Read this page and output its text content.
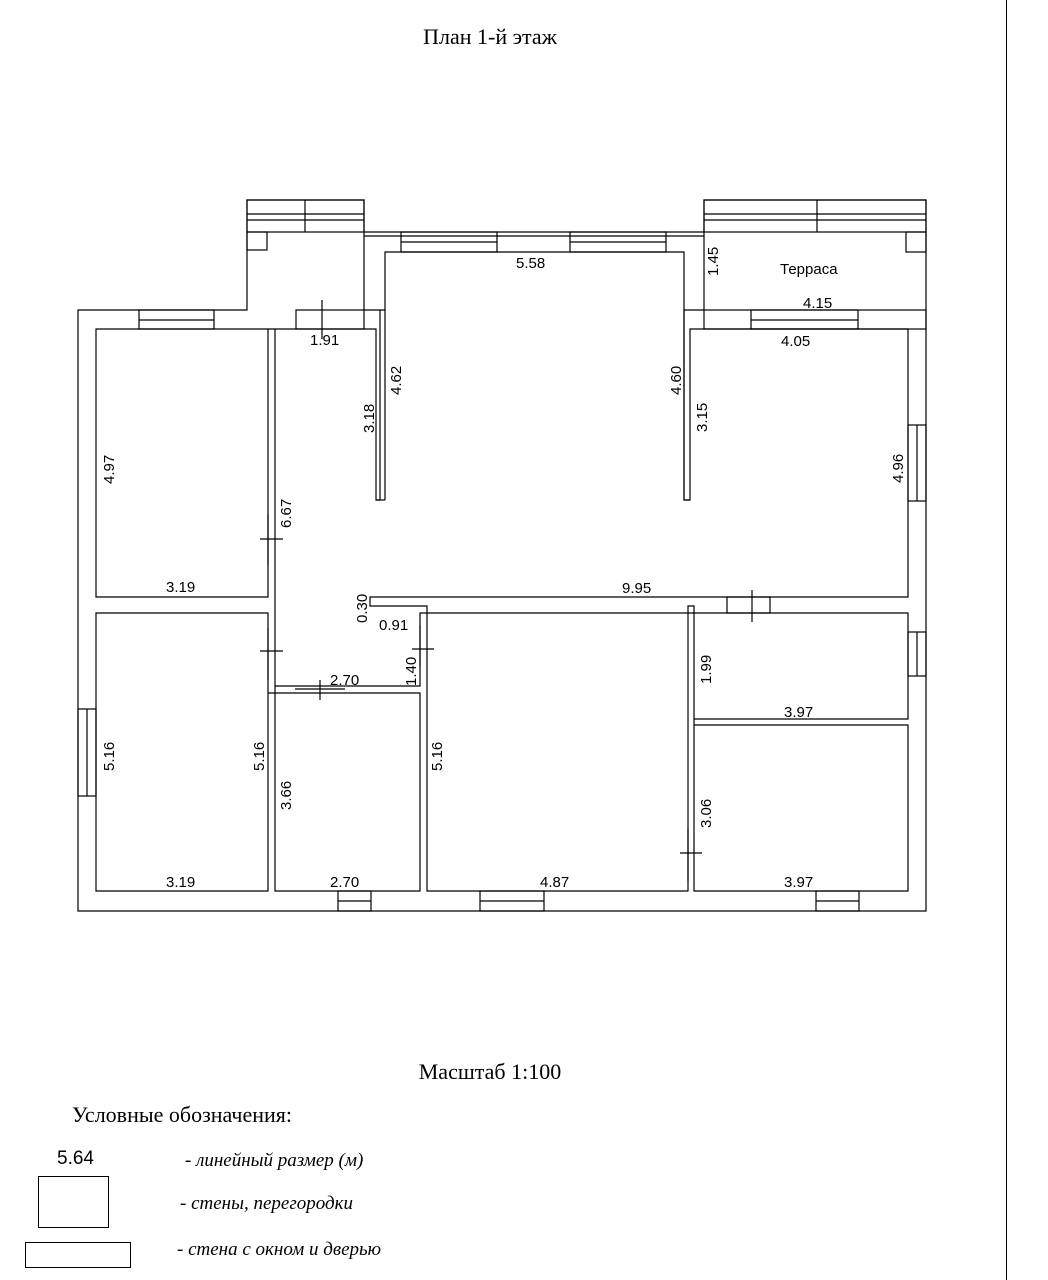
План 1-й этаж
Терраса
5.58	1.45
4.15
1.91	4.05
4.62	4.60
3.18	3.15
4.97
6.67
4.96
3.19
0.30
9.95
0.91
1.40	1.99
3.97
2.70
5.16	5.16
3.66
5.16
3.06
3.19	2.70	4.87	3.97
Масштаб 1:100
Условные обозначения:
5.64	- линейный размер (м)
- стены, перегородки
- стена с окном и дверью
